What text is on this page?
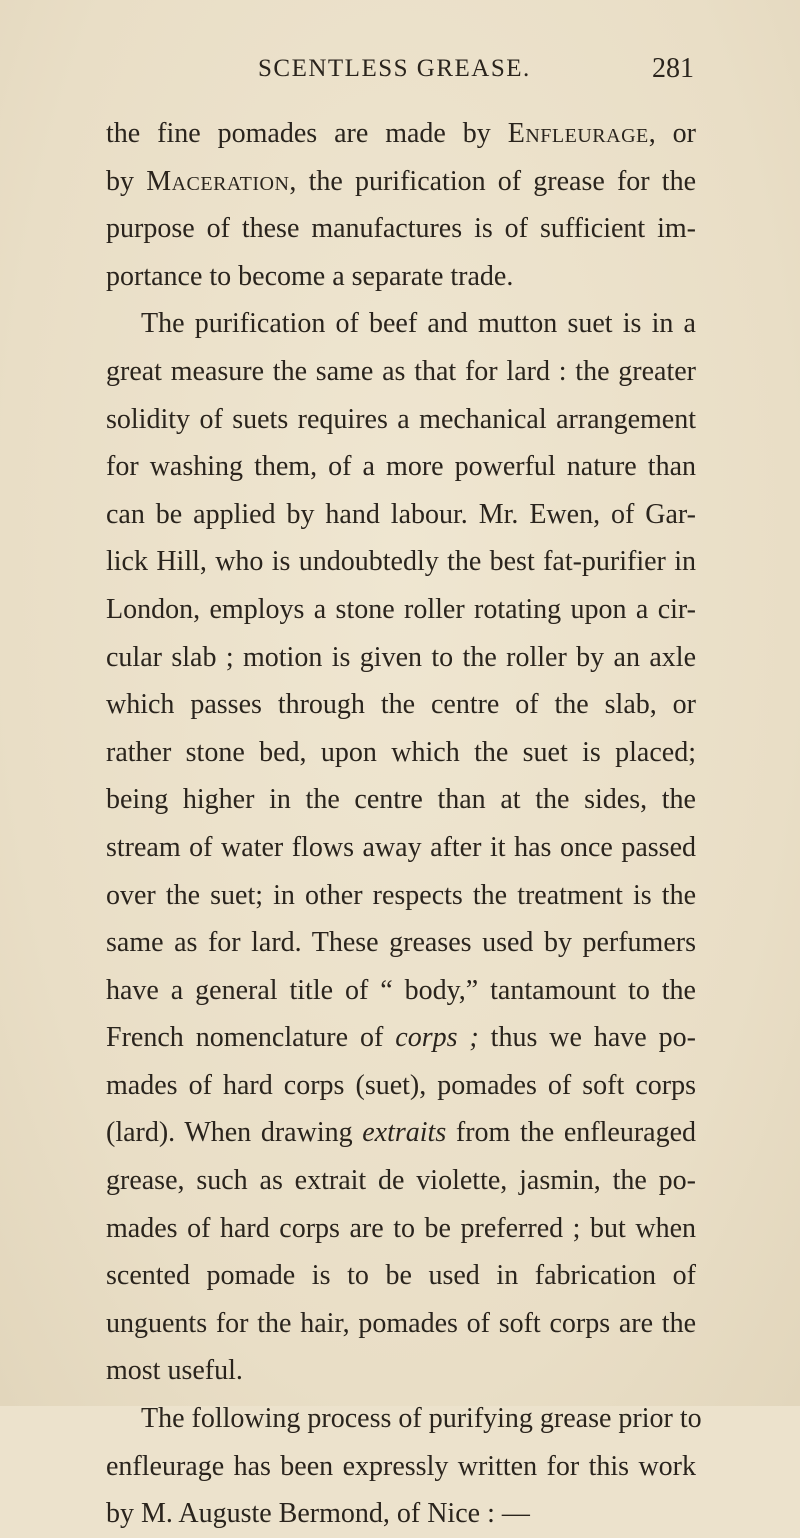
SCENTLESS GREASE.	281
the fine pomades are made by Enfleurage, or
by Maceration, the purification of grease for the
purpose of these manufactures is of sufficient im-
portance to become a separate trade.
The purification of beef and mutton suet is in a
great measure the same as that for lard : the greater
solidity of suets requires a mechanical arrangement
for washing them, of a more powerful nature than
can be applied by hand labour. Mr. Ewen, of Gar-
lick Hill, who is undoubtedly the best fat-purifier in
London, employs a stone roller rotating upon a cir-
cular slab ; motion is given to the roller by an axle
which passes through the centre of the slab, or
rather stone bed, upon which the suet is placed;
being higher in the centre than at the sides, the
stream of water flows away after it has once passed
over the suet; in other respects the treatment is the
same as for lard. These greases used by perfumers
have a general title of “ body,” tantamount to the
French nomenclature of corps ; thus we have po-
mades of hard corps (suet), pomades of soft corps
(lard). When drawing extraits from the enfleuraged
grease, such as extrait de violette, jasmin, the po-
mades of hard corps are to be preferred ; but when
scented pomade is to be used in fabrication of
unguents for the hair, pomades of soft corps are the
most useful.
The following process of purifying grease prior to
enfleurage has been expressly written for this work
by M. Auguste Bermond, of Nice : —
